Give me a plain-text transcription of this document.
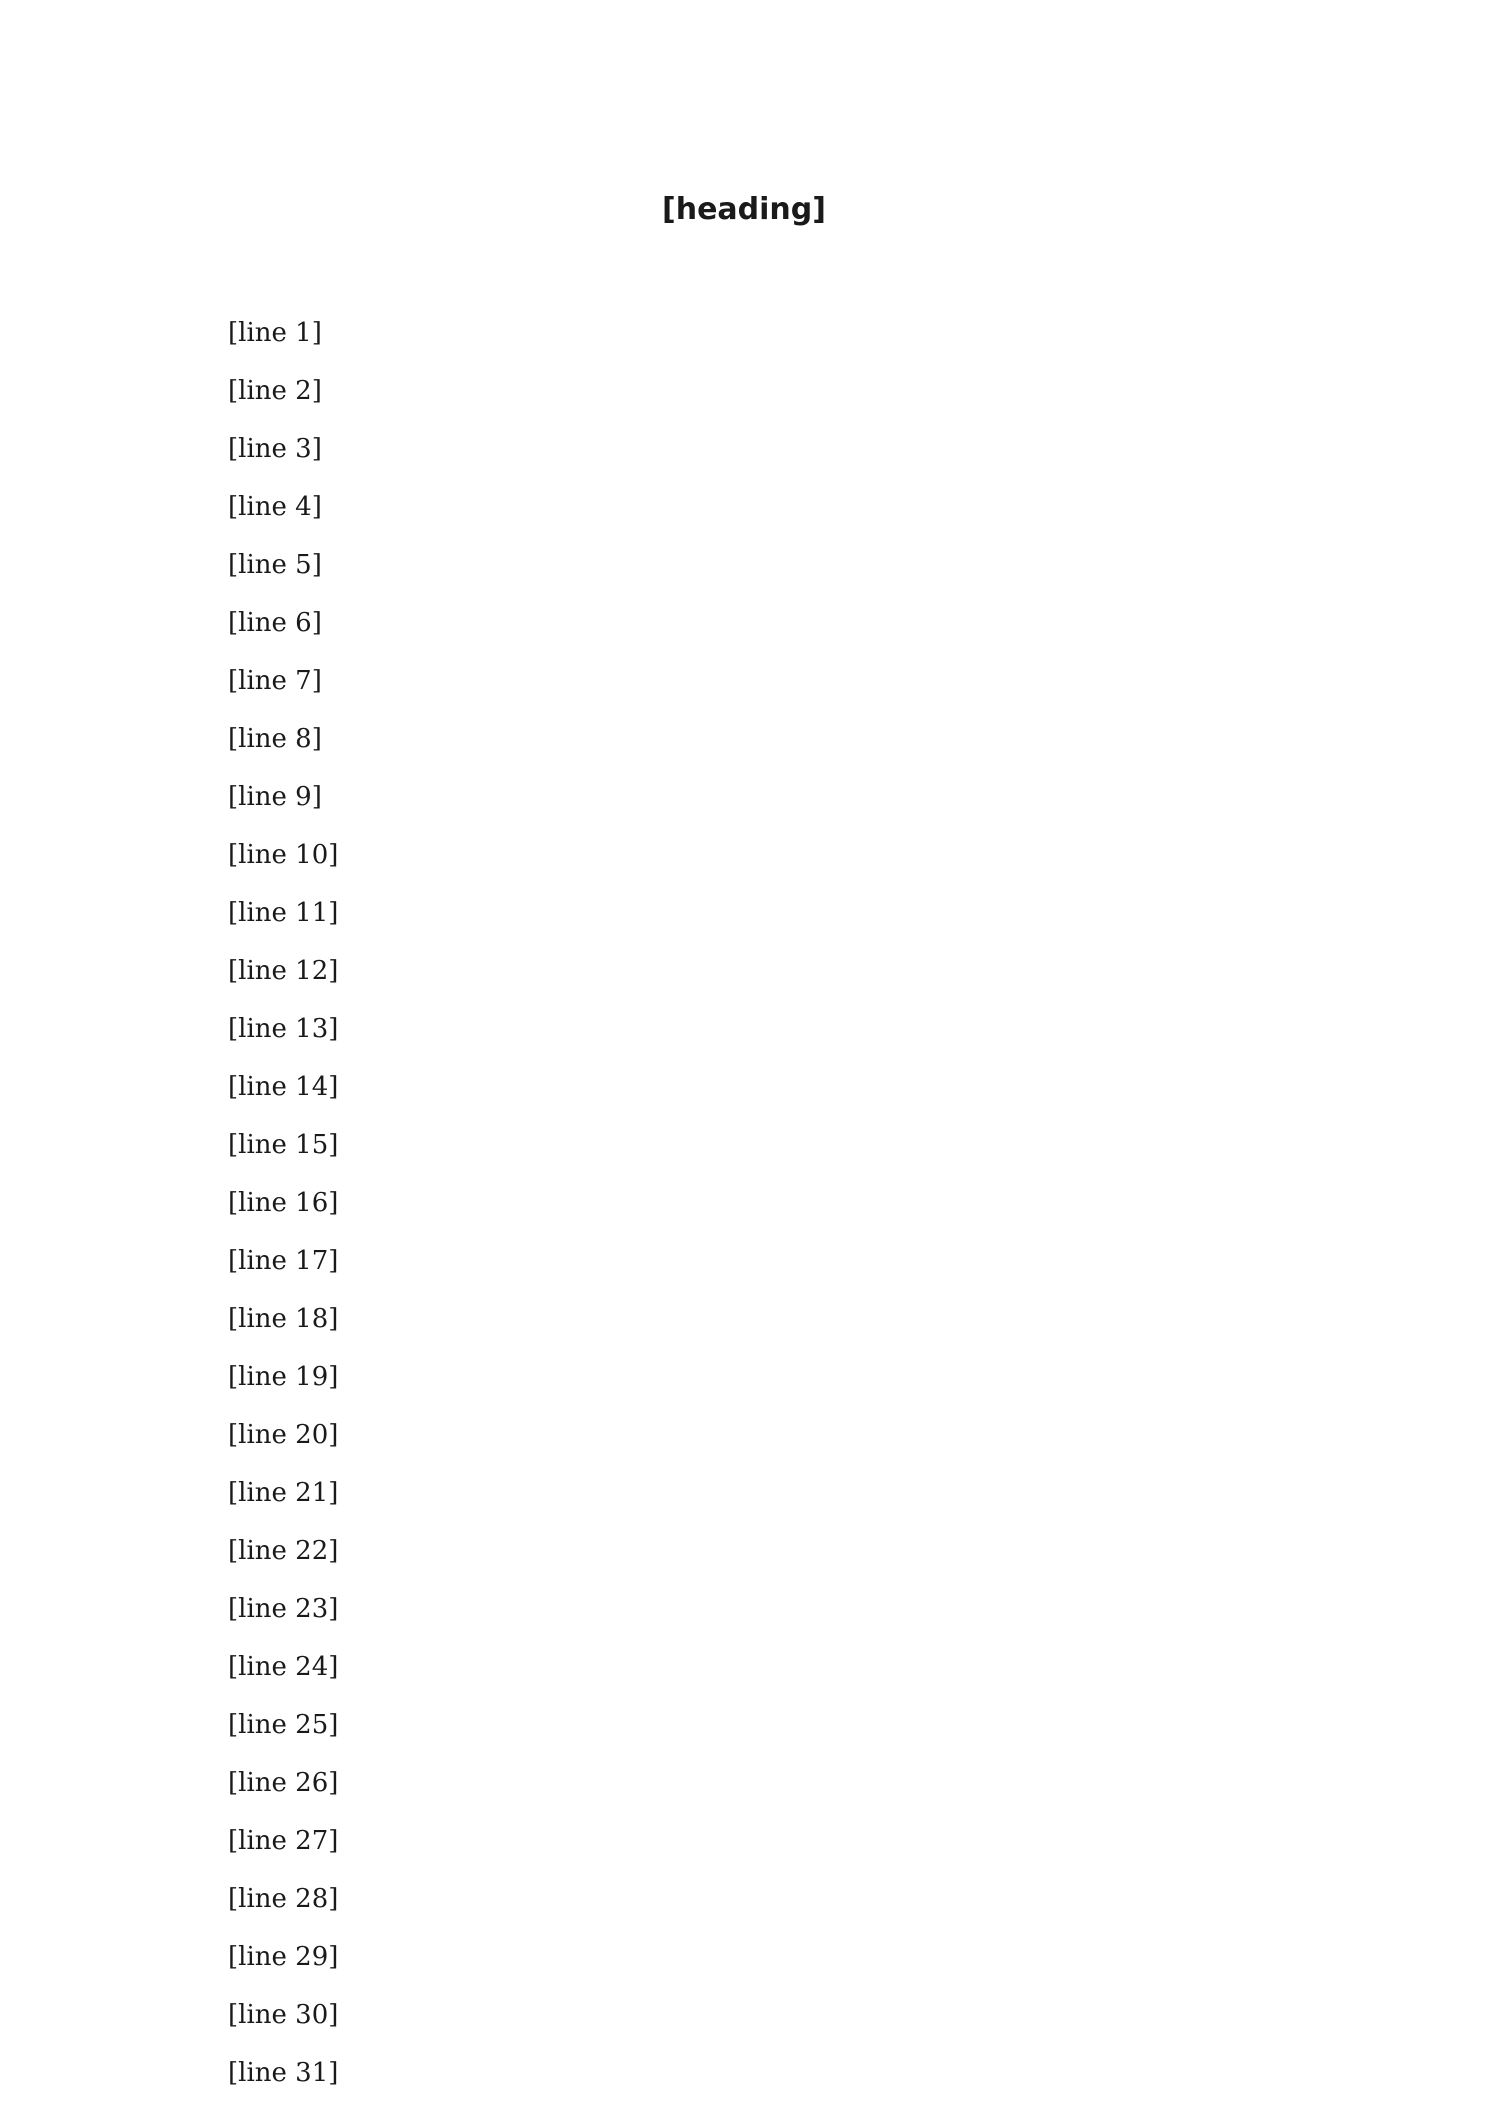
[heading]
[line 1]
[line 2]
[line 3]
[line 4]
[line 5]
[line 6]
[line 7]
[line 8]
[line 9]
[line 10]
[line 11]
[line 12]
[line 13]
[line 14]
[line 15]
[line 16]
[line 17]
[line 18]
[line 19]
[line 20]
[line 21]
[line 22]
[line 23]
[line 24]
[line 25]
[line 26]
[line 27]
[line 28]
[line 29]
[line 30]
[line 31]
